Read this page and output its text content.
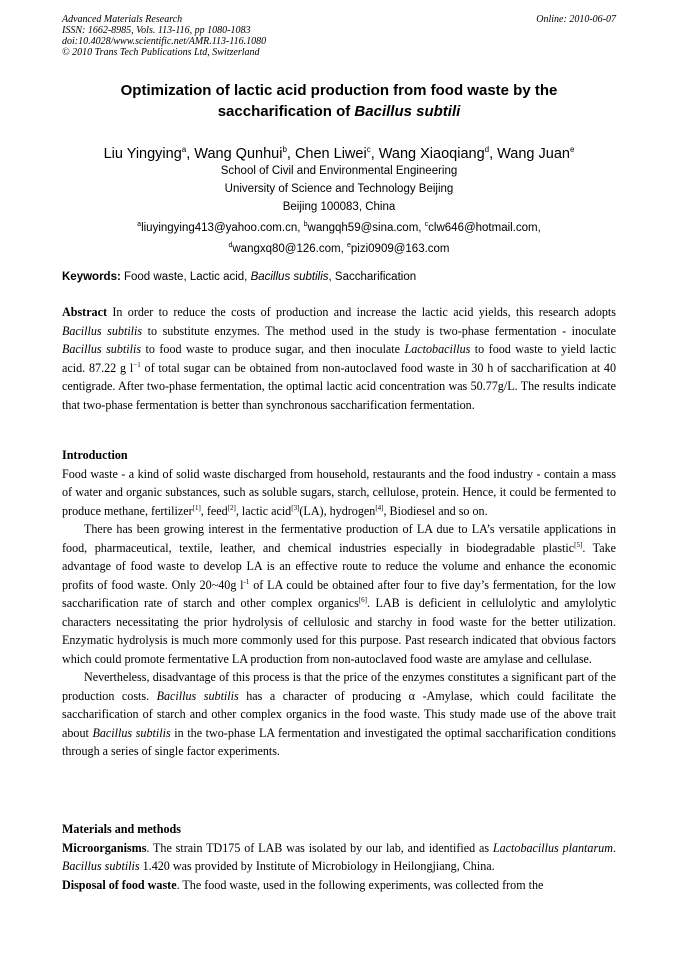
Advanced Materials Research
ISSN: 1662-8985, Vols. 113-116, pp 1080-1083
doi:10.4028/www.scientific.net/AMR.113-116.1080
© 2010 Trans Tech Publications Ltd, Switzerland
Online: 2010-06-07
Optimization of lactic acid production from food waste by the
saccharification of Bacillus subtili
Liu Yingying$^a$, Wang Qunhui$^b$, Chen Liwei$^c$, Wang Xiaoqiang$^d$, Wang Juan$^e$
School of Civil and Environmental Engineering
University of Science and Technology Beijing
Beijing 100083, China
$^a$liuyingying413@yahoo.com.cn, $^b$wangqh59@sina.com, $^c$clw646@hotmail.com,
$^d$wangxq80@126.com, $^e$pizi0909@163.com
Keywords: Food waste, Lactic acid, Bacillus subtilis, Saccharification

Abstract In order to reduce the costs of production and increase the lactic acid yields, this research adopts Bacillus subtilis to substitute enzymes. The method used in the study is two-phase fermentation - inoculate Bacillus subtilis to food waste to produce sugar, and then inoculate Lactobacillus to food waste to yield lactic acid. 87.22 g $l^{-1}$ of total sugar can be obtained from non-autoclaved food waste in 30 h of saccharification at 40 centigrade. After two-phase fermentation, the optimal lactic acid concentration was 50.77g/L. The results indicate that two-phase fermentation is better than synchronous saccharification fermentation.

Introduction

Food waste - a kind of solid waste discharged from household, restaurants and the food industry - contain a mass of water and organic substances, such as soluble sugars, starch, cellulose, protein. Hence, it could be fermented to produce methane, fertilizer[1], feed[2], lactic acid[3](LA), hydrogen[4], Biodiesel and so on.

There has been growing interest in the fermentative production of LA due to LA’s versatile applications in food, pharmaceutical, textile, leather, and chemical industries especially in biodegradable plastic[5]. Take advantage of food waste to develop LA is an effective route to reduce the volume and enhance the economic profits of food waste. Only 20~40g $l^{-1}$ of LA could be obtained after four to five day’s fermentation, for the low saccharification rate of starch and other complex organics[6]. LAB is deficient in cellulolytic and amylolytic characters necessitating the prior hydrolysis of cellulosic and starchy in food waste for the better utilization. Enzymatic hydrolysis is much more commonly used for this purpose. Past research indicated that obvious factors which could promote fermentative LA production from non-autoclaved food waste are amylase and cellulase.

Nevertheless, disadvantage of this process is that the price of the enzymes constitutes a significant part of the production costs. Bacillus subtilis has a character of producing α -Amylase, which could facilitate the saccharification of starch and other complex organics in the food waste. This study made use of the above trait about Bacillus subtilis in the two-phase LA fermentation and investigated the optimal saccharification conditions through a series of single factor experiments.

Materials and methods

Microorganisms. The strain TD175 of LAB was isolated by our lab, and identified as Lactobacillus plantarum. Bacillus subtilis 1.420 was provided by Institute of Microbiology in Heilongjiang, China.

Disposal of food waste. The food waste, used in the following experiments, was collected from the
